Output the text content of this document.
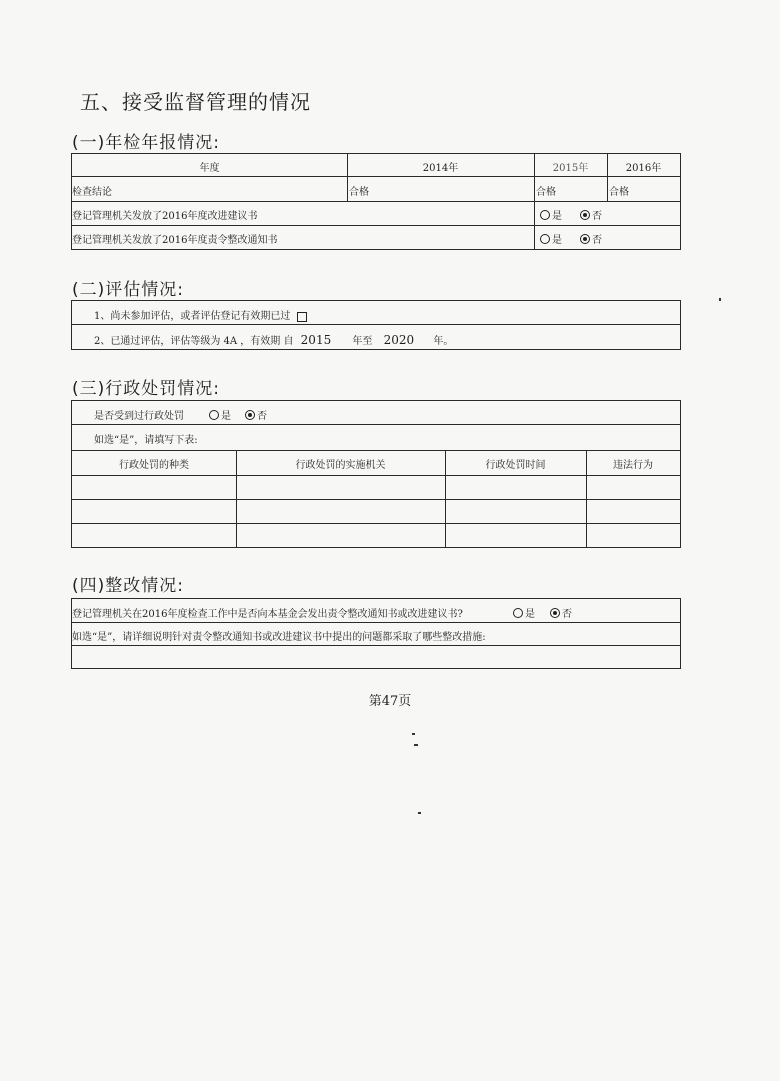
五、接受监督管理的情况
(一)年检年报情况:
年度	2014年	2015年	2016年
检查结论	合格	合格	合格
登记管理机关发放了2016年度改进建议书	是	否
登记管理机关发放了2016年度责令整改通知书	是	否
(二)评估情况:
1、尚未参加评估，或者评估登记有效期已过
2、已通过评估，评估等级为 4A ，有效期 自 2015 年至 2020 年。
(三)行政处罚情况:
是否受到过行政处罚	是	否
如选“是”，请填写下表:
行政处罚的种类	行政处罚的实施机关	行政处罚时间	违法行为
(四)整改情况:
登记管理机关在2016年度检查工作中是否向本基金会发出责令整改通知书或改进建议书?	是	否
如选“是”，请详细说明针对责令整改通知书或改进建议书中提出的问题都采取了哪些整改措施:
第47页
